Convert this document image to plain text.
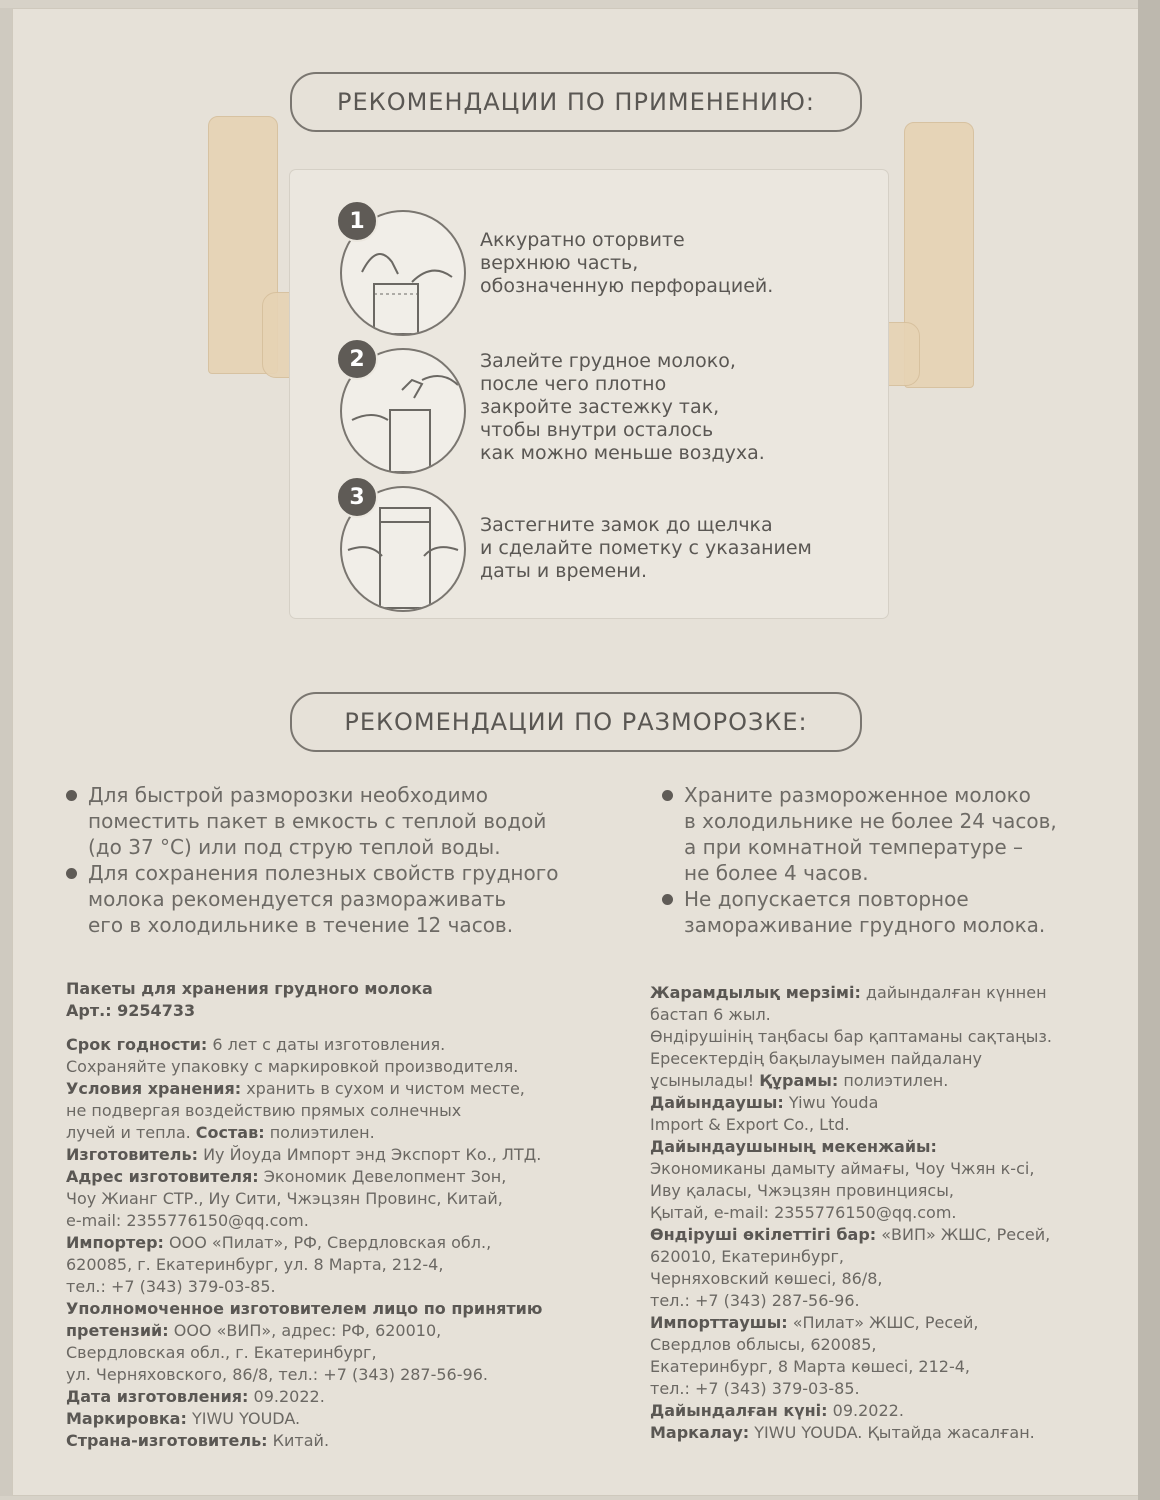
РЕКОМЕНДАЦИИ ПО ПРИМЕНЕНИЮ:
1
Аккуратно оторвите
верхнюю часть,
обозначенную перфорацией.
2	Залейте грудное молоко,
после чего плотно
закройте застежку так,
чтобы внутри осталось
как можно меньше воздуха.
3
Застегните замок до щелчка
и сделайте пометку с указанием
даты и времени.
РЕКОМЕНДАЦИИ ПО РАЗМОРОЗКЕ:
Для быстрой разморозки необходимо
поместить пакет в емкость с теплой водой
(до 37 °С) или под струю теплой воды.
Для сохранения полезных свойств грудного
молока рекомендуется размораживать
его в холодильнике в течение 12 часов.
Храните размороженное молоко
в холодильнике не более 24 часов,
а при комнатной температуре –
не более 4 часов.
Не допускается повторное
замораживание грудного молока.

Пакеты для хранения грудного молока

Арт.: 9254733

Срок годности: 6 лет с даты изготовления.

Сохраняйте упаковку с маркировкой производителя.

Условия хранения: хранить в сухом и чистом месте,

не подвергая воздействию прямых солнечных

лучей и тепла. Состав: полиэтилен.

Изготовитель: Иу Йоуда Импорт энд Экспорт Ко., ЛТД.

Адрес изготовителя: Экономик Девелопмент Зон,

Чоу Жианг СТР., Иу Сити, Чжэцзян Провинс, Китай,

e-mail: 2355776150@qq.com.

Импортер: ООО «Пилат», РФ, Свердловская обл.,

620085, г. Екатеринбург, ул. 8 Марта, 212-4,

тел.: +7 (343) 379-03-85.

Уполномоченное изготовителем лицо по принятию

претензий: ООО «ВИП», адрес: РФ, 620010,

Свердловская обл., г. Екатеринбург,

ул. Черняховского, 86/8, тел.: +7 (343) 287-56-96.

Дата изготовления: 09.2022.

Маркировка: YIWU YOUDA.

Страна-изготовитель: Китай.

Жарамдылық мерзімі: дайындалған күннен

бастап 6 жыл.

Өндірушінің таңбасы бар қаптаманы сақтаңыз.

Ересектердің бақылауымен пайдалану

ұсынылады! Құрамы: полиэтилен.

Дайындаушы: Yiwu Youda

Import & Export Co., Ltd.

Дайындаушының мекенжайы:

Экономиканы дамыту аймағы, Чоу Чжян к-сі,

Иву қаласы, Чжэцзян провинциясы,

Қытай, e-mail: 2355776150@qq.com.

Өндіруші өкілеттігі бар: «ВИП» ЖШС, Ресей,

620010, Екатеринбург,

Черняховский көшесі, 86/8,

тел.: +7 (343) 287-56-96.

Импорттаушы: «Пилат» ЖШС, Ресей,

Свердлов облысы, 620085,

Екатеринбург, 8 Марта көшесі, 212-4,

тел.: +7 (343) 379-03-85.

Дайындалған күні: 09.2022.

Маркалау: YIWU YOUDA. Қытайда жасалған.
